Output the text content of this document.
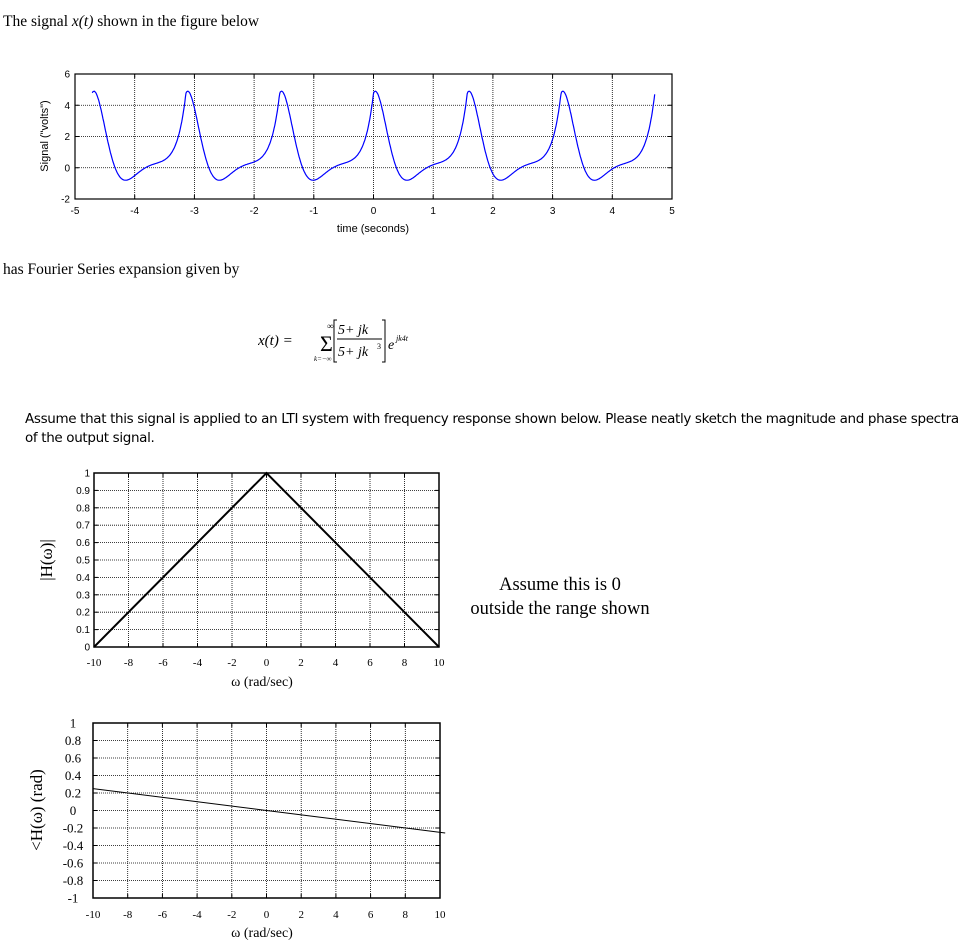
The signal x(t) shown in the figure below
-5	-4	-3	-2	-1	0	1	2	3	4	5
-2
0
2
4
6
time (seconds)
Signal ("volts")
has Fourier Series expansion given by
x(t) = Σ
∞
k=−∞
5+ jk
5+ jk 3 e jk4t
Assume that this signal is applied to an LTI system with frequency response shown below. Please neatly sketch the magnitude and phase spectra of the output signal.
-10 -8 -6 -4 -2 0	2	4	6	8 10
0
0.1
0.2
0.3
0.4
0.5
0.6
0.7
0.8
0.9
1
ω (rad/sec)
|H(ω)|
Assume this is 0
outside the range shown
-10 -8 -6 -4 -2 0	2	4	6	8 10
-1
-0.8
-0.6
-0.4
-0.2
0
0.2
0.4
0.6
0.8
1
ω (rad/sec)
<H(ω) (rad)
